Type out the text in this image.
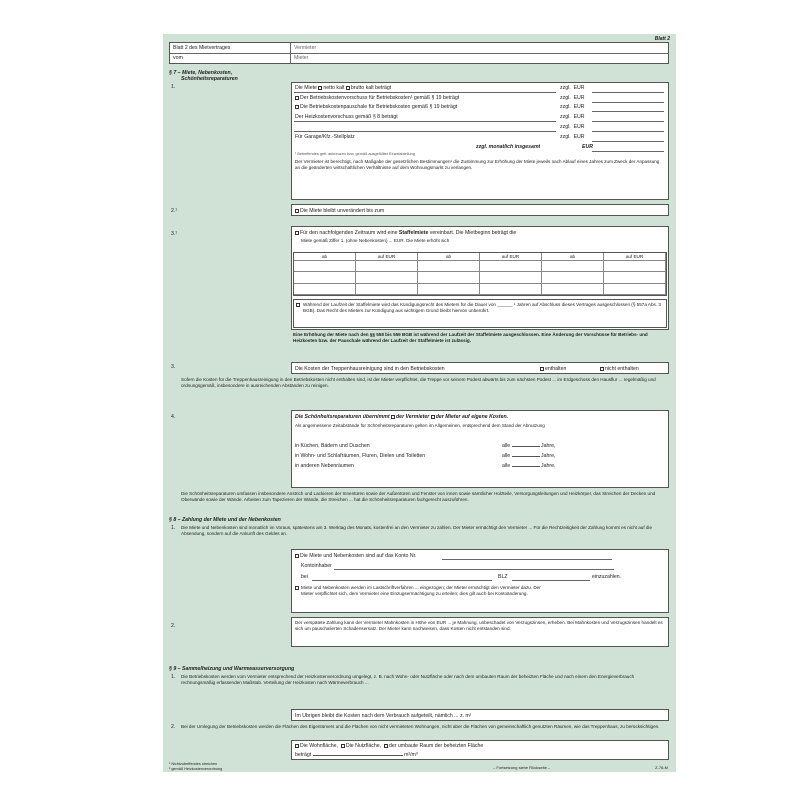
Blatt 2
Blatt 2 des Mietvertrages	Vermieter
vom	Mieter
§ 7 – Miete, Nebenkosten,
Schönheitsreparaturen
1.	Die Miete netto kalt brutto kalt beträgt	zzgl. EUR
Der Betriebskostenvorschuss für Betriebskosten¹ gemäß § 19 beträgt	zzgl. EUR
Die Betriebskostenpauschale für Betriebskosten gemäß § 19 beträgt	zzgl. EUR
Der Heizkostenvorschuss gemäß § 8 beträgt	zzgl. EUR
zzgl. EUR
Für Garage/Kfz.-Stellplatz	zzgl. EUR
zzgl. monatlich insgesamt	EUR
¹ Betreffendes gefl. ankreuzen bzw. gemäß ausgefüllter Einzelabteilung
Der Vermieter ist berechtigt, nach Maßgabe der gesetzlichen Bestimmungen¹ die Zustimmung zur Erhöhung der Miete jeweils nach Ablauf eines Jahres zum Zweck der Anpassung an die geänderten wirtschaftlichen Verhältnisse auf dem Wohnungsmarkt zu verlangen.
2.¹	Die Miete bleibt unverändert bis zum
3.¹	Für den nachfolgenden Zeitraum wird eine Staffelmiete vereinbart. Die Mietbeginn beträgt die
Miete gemäß Ziffer 1. (ohne Nebenkosten) ... EUR. Die Miete erhöht sich
ab	auf EUR	ab	auf EUR	ab	auf EUR
Während der Laufzeit der Staffelmiete wird das Kündigungsrecht des Mieters für die Dauer von ______ ¹ Jahren auf Abschluss dieses Vertrages ausgeschlossen (§ 557a Abs. 3 BGB). Das Recht des Mieters zur Kündigung aus wichtigem Grund bleibt hiervon unberührt.
Eine Erhöhung der Miete nach den §§ 558 bis 559 BGB ist während der Laufzeit der Staffelmiete ausgeschlossen. Eine Änderung der Vorschüsse für Betriebs- und Heizkosten bzw. der Pauschale während der Laufzeit der Staffelmiete ist zulässig.
3.	Die Kosten der Treppenhausreinigung sind in den Betriebskosten	enthalten	nicht enthalten
Sofern die Kosten für die Treppenhausreinigung in den Betriebskosten nicht enthalten sind, ist der Mieter verpflichtet, die Treppe vor seinem Podest abwärts bis zum nächsten Podest ... im Erdgeschoss den Hausflur ... regelmäßig und ordnungsgemäß, insbesondere in ausreichenden Abständen zu reinigen.
4.	Die Schönheitsreparaturen übernimmt der Vermieter der Mieter auf eigene Kosten.
Als angemessene Zeitabstände für Schönheitsreparaturen gelten im Allgemeinen, entsprechend dem Stand der Abnutzung
in Küchen, Bädern und Duschen	alle	Jahre,
in Wohn- und Schlafräumen, Fluren, Dielen und Toiletten	alle	Jahre,
in anderen Nebenräumen	alle	Jahre.
Die Schönheitsreparaturen umfassen insbesondere Anstrich und Lackieren der Innentüren sowie der Außentüren und Fenster von innen sowie sämtlicher Holzteile, Versorgungsleitungen und Heizkörper, das Streichen der Decken und Oberwände sowie der Wände. Arbeiten zum Tapezieren der Wände, die Streichen ... hat die Schönheitsreparaturen fachgerecht auszuführen.
§ 8 – Zahlung der Miete und der Nebenkosten
1. Die Miete und Nebenkosten sind monatlich im Voraus, spätestens am 3. Werktag des Monats, kostenfrei an den Vermieter zu zahlen. Der Mieter ermächtigt den Vermieter ... Für die Rechtzeitigkeit der Zahlung kommt es nicht auf die Absendung, sondern auf die Ankunft des Geldes an.
Die Miete und Nebenkosten sind auf das Konto Nr.
Kontoinhaber
bei	BLZ	einzuzahlen.
Miete und Nebenkosten werden im Lastschriftverfahren ... eingezogen; der Mieter ermächtigt den Vermieter dazu. Der Mieter verpflichtet sich, dem Vermieter eine Einzugsermächtigung zu erteilen; dies gilt auch bei Kontoänderung.
2.
Der verspätete Zahlung kann der Vermieter Mahnkosten in Höhe von EUR ... je Mahnung, unbeschadet von Verzugszinsen, erheben. Bei Mahnkosten und Verzugszinsen handelt es sich um pauschalierten Schadensersatz. Der Mieter kann nachweisen, dass Kosten nicht entstanden sind.
§ 9 – Sammelheizung und Warmwasserversorgung
1. Die Betriebskosten werden vom Vermieter entsprechend der Heizkostenverordnung umgelegt, z. B. nach Wohn- oder Nutzfläche oder nach dem umbauten Raum der beheizten Fläche und nach einem den Energieverbrauch rechnungsmäßig erfassenden Maßstab. Verteilung der Heizkosten nach Wärmeverbrauch ...
Im Übrigen bleibt die Kosten nach dem Verbrauch aufgeteilt, nämlich ... z. m²
2. Bei der Umlegung der Betriebskosten werden die Flächen des Eigentümers und die Flächen von nicht vermieteten Wohnungen, nicht aber die Flächen von gemeinschaftlich genutzten Räumen, wie das Treppenhaus, zu berücksichtigen.
Die Wohnfläche, Die Nutzfläche, der umbaute Raum der beheizten Fläche
beträgt	m²/m³
¹ Nichtzutreffendes streichen
² gemäß Heizkostenverordnung	– Fortsetzung siehe Rückseite –	Z-76-M
